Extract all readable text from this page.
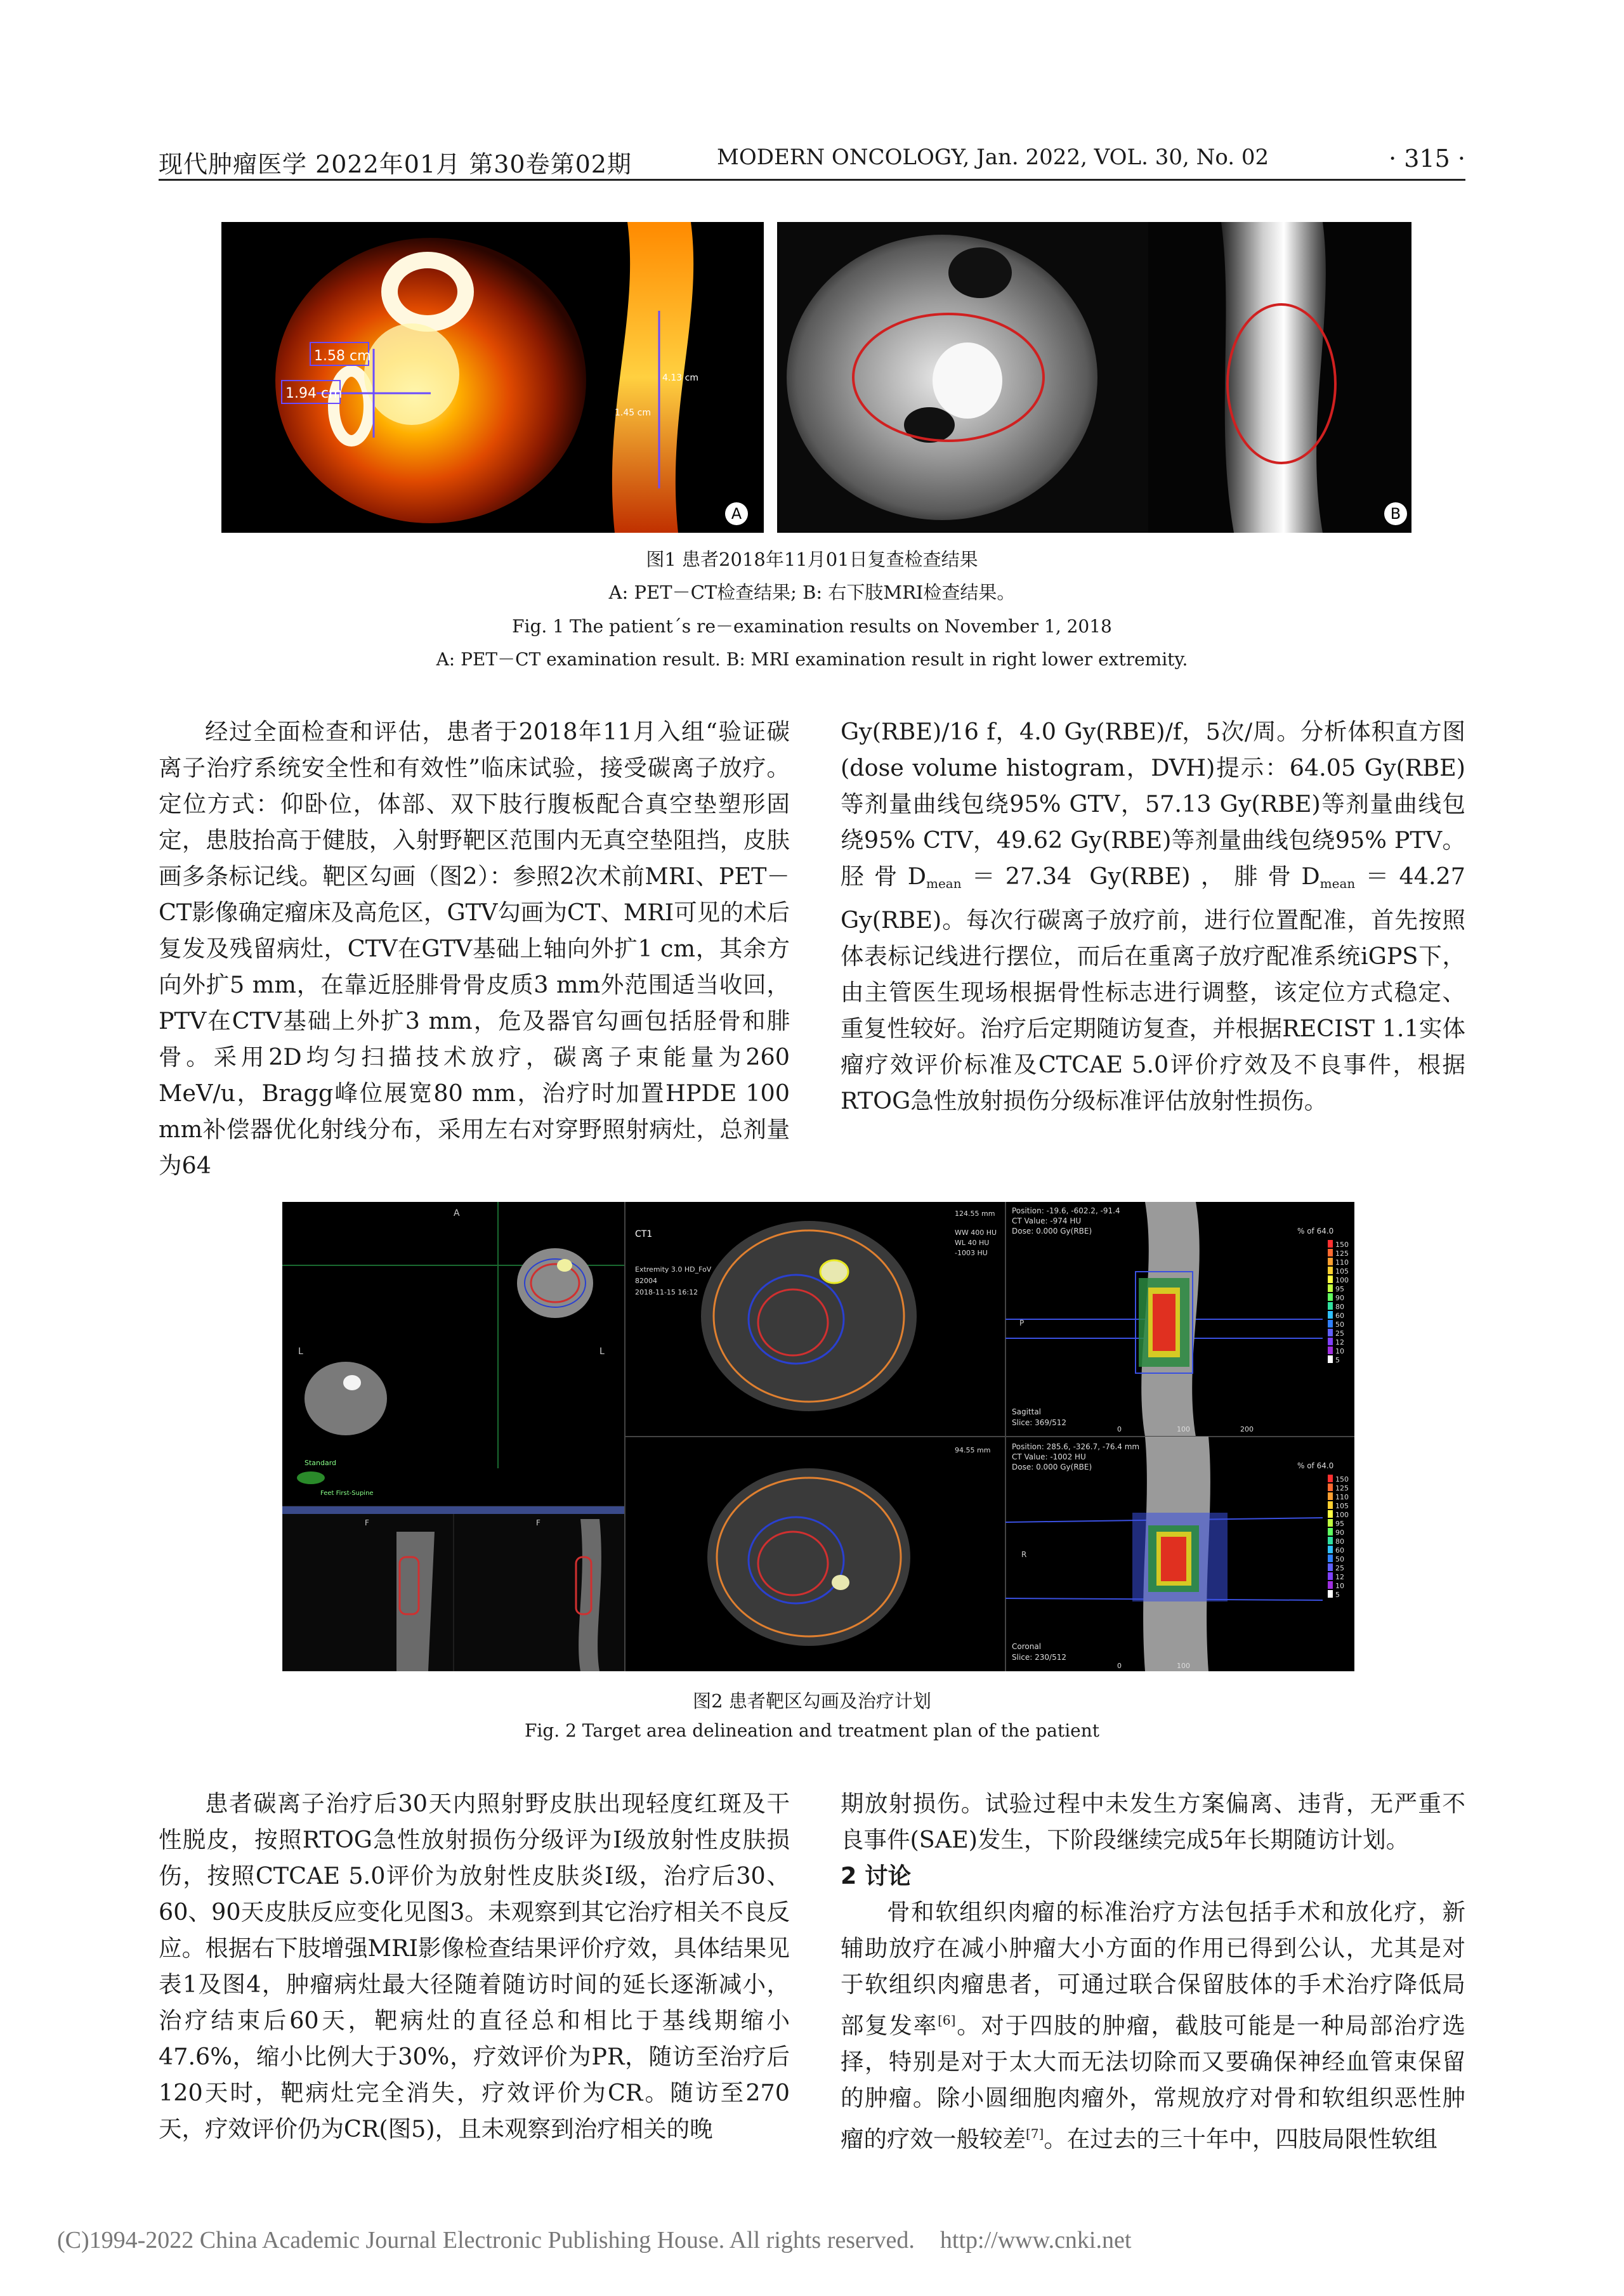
现代肿瘤医学 2022年01月 第30卷第02期	MODERN ONCOLOGY, Jan. 2022, VOL. 30, No. 02	· 315 ·
1.58 cm
1.94 cm
4.13 cm
1.45 cm
A	B
图1 患者2018年11月01日复查检查结果
A: PET－CT检查结果; B: 右下肢MRI检查结果。
Fig. 1 The patient´s re－examination results on November 1, 2018
A: PET－CT examination result. B: MRI examination result in right lower extremity.

经过全面检查和评估，患者于2018年11月入组“验证碳离子治疗系统安全性和有效性”临床试验，接受碳离子放疗。定位方式：仰卧位，体部、双下肢行腹板配合真空垫塑形固定，患肢抬高于健肢，入射野靶区范围内无真空垫阻挡，皮肤画多条标记线。靶区勾画（图2）：参照2次术前MRI、PET－CT影像确定瘤床及高危区，GTV勾画为CT、MRI可见的术后复发及残留病灶，CTV在GTV基础上轴向外扩1 cm，其余方向外扩5 mm，在靠近胫腓骨骨皮质3 mm外范围适当收回，PTV在CTV基础上外扩3 mm，危及器官勾画包括胫骨和腓骨。采用2D均匀扫描技术放疗，碳离子束能量为260 MeV/u，Bragg峰位展宽80 mm，治疗时加置HPDE 100 mm补偿器优化射线分布，采用左右对穿野照射病灶，总剂量为64

Gy(RBE)/16 f，4.0 Gy(RBE)/f，5次/周。分析体积直方图(dose volume histogram，DVH)提示：64.05 Gy(RBE)等剂量曲线包绕95% GTV，57.13 Gy(RBE)等剂量曲线包绕95% CTV，49.62 Gy(RBE)等剂量曲线包绕95% PTV。胫骨$D_{mean}=27.34$ Gy(RBE)，腓骨$D_{mean}=44.27$ Gy(RBE)。每次行碳离子放疗前，进行位置配准，首先按照体表标记线进行摆位，而后在重离子放疗配准系统iGPS下，由主管医生现场根据骨性标志进行调整，该定位方式稳定、重复性较好。治疗后定期随访复查，并根据RECIST 1.1实体瘤疗效评价标准及CTCAE 5.0评价疗效及不良事件，根据RTOG急性放射损伤分级标准评估放射性损伤。

A
L	L
Standard
Feet First-Supine
F	F
CT1
Extremity 3.0 HD_FoV
82004
2018-11-15 16:12
124.55 mm
WW 400 HU
WL 40 HU
-1003 HU
94.55 mm
Position: -19.6, -602.2, -91.4
CT Value: -974 HU
Dose: 0.000 Gy(RBE)	% of 64.0
P
Sagittal
Slice: 369/512
0	100	200
Position: 285.6, -326.7, -76.4 mm
CT Value: -1002 HU
Dose: 0.000 Gy(RBE)	% of 64.0
R
Coronal
Slice: 230/512
0	100
150
125
110
105
100
95
90
80
60
50
25
12
10
5
150
125
110
105
100
95
90
80
60
50
25
12
10
5
图2 患者靶区勾画及治疗计划
Fig. 2 Target area delineation and treatment plan of the patient

患者碳离子治疗后30天内照射野皮肤出现轻度红斑及干性脱皮，按照RTOG急性放射损伤分级评为Ⅰ级放射性皮肤损伤，按照CTCAE 5.0评价为放射性皮肤炎Ⅰ级，治疗后30、60、90天皮肤反应变化见图3。未观察到其它治疗相关不良反应。根据右下肢增强MRI影像检查结果评价疗效，具体结果见表1及图4，肿瘤病灶最大径随着随访时间的延长逐渐减小，治疗结束后60天，靶病灶的直径总和相比于基线期缩小47.6%，缩小比例大于30%，疗效评价为PR，随访至治疗后120天时，靶病灶完全消失，疗效评价为CR。随访至270天，疗效评价仍为CR(图5)，且未观察到治疗相关的晚

期放射损伤。试验过程中未发生方案偏离、违背，无严重不良事件(SAE)发生，下阶段继续完成5年长期随访计划。

2 讨论

骨和软组织肉瘤的标准治疗方法包括手术和放化疗，新辅助放疗在减小肿瘤大小方面的作用已得到公认，尤其是对于软组织肉瘤患者，可通过联合保留肢体的手术治疗降低局部复发率[6]。对于四肢的肿瘤，截肢可能是一种局部治疗选择，特别是对于太大而无法切除而又要确保神经血管束保留的肿瘤。除小圆细胞肉瘤外，常规放疗对骨和软组织恶性肿瘤的疗效一般较差[7]。在过去的三十年中，四肢局限性软组

(C)1994-2022 China Academic Journal Electronic Publishing House. All rights reserved. http://www.cnki.net
